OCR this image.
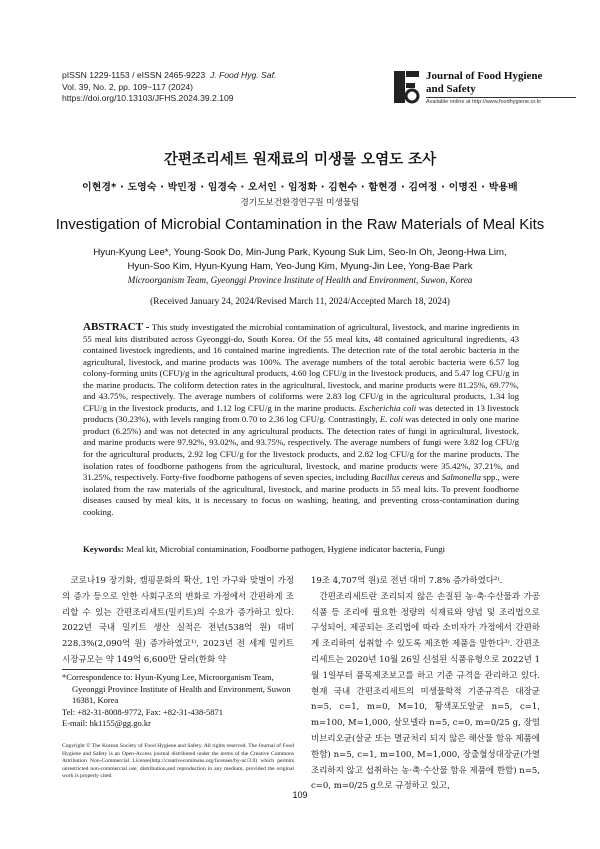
pISSN 1229-1153 / eISSN 2465-9223 J. Food Hyg. Saf.
Vol. 39, No. 2, pp. 109~117 (2024)
https://doi.org/10.13103/JFHS.2024.39.2.109
Journal of Food Hygiene
and Safety
Available online at http://www.foodhygiene.or.kr
간편조리세트 원재료의 미생물 오염도 조사
이현경* · 도영숙 · 박민정 · 임경숙 · 오서인 · 임정화 · 김현수 · 함현경 · 김여정 · 이명진 · 박용배
경기도보건환경연구원 미생물팀
Investigation of Microbial Contamination in the Raw Materials of Meal Kits
Hyun-Kyung Lee*, Young-Sook Do, Min-Jung Park, Kyoung Suk Lim, Seo-In Oh, Jeong-Hwa Lim,
Hyun-Soo Kim, Hyun-Kyung Ham, Yeo-Jung Kim, Myung-Jin Lee, Yong-Bae Park
Microorganism Team, Gyeonggi Province Institute of Health and Environment, Suwon, Korea
(Received January 24, 2024/Revised March 11, 2024/Accepted March 18, 2024)
ABSTRACT - This study investigated the microbial contamination of agricultural, livestock, and marine ingredients in 55 meal kits distributed across Gyeonggi-do, South Korea. Of the 55 meal kits, 48 contained agricultural ingredients, 43 contained livestock ingredients, and 16 contained marine ingredients. The detection rate of the total aerobic bacteria in the agricultural, livestock, and marine products was 100%. The average numbers of the total aerobic bacteria were 6.57 log colony-forming units (CFU)/g in the agricultural products, 4.60 log CFU/g in the livestock products, and 5.47 log CFU/g in the marine products. The coliform detection rates in the agricultural, livestock, and marine products were 81.25%, 69.77%, and 43.75%, respectively. The average numbers of coliforms were 2.83 log CFU/g in the agricultural products, 1.34 log CFU/g in the livestock products, and 1.12 log CFU/g in the marine products. Escherichia coli was detected in 13 livestock products (30.23%), with levels ranging from 0.70 to 2.36 log CFU/g. Contrastingly, E. coli was detected in only one marine product (6.25%) and was not detected in any agricultural products. The detection rates of fungi in agricultural, livestock, and marine products were 97.92%, 93.02%, and 93.75%, respectively. The average numbers of fungi were 3.82 log CFU/g for the agricultural products, 2.92 log CFU/g for the livestock products, and 2.82 log CFU/g for the marine products. The isolation rates of foodborne pathogens from the agricultural, livestock, and marine products were 35.42%, 37.21%, and 31.25%, respectively. Forty-five foodborne pathogens of seven species, including Bacillus cereus and Salmonella spp., were isolated from the raw materials of the agricultural, livestock, and marine products in 55 meal kits. To prevent foodborne diseases caused by meal kits, it is necessary to focus on washing, heating, and preventing cross-contamination during cooking.
Keywords: Meal kit, Microbial contamination, Foodborne pathogen, Hygiene indicator bacteria, Fungi

코로나19 장기화, 캠핑문화의 확산, 1인 가구와 맞벌이 가정의 증가 등으로 인한 사회구조의 변화로 가정에서 간편하게 조리할 수 있는 간편조리세트(밀키트)의 수요가 증가하고 있다. 2022년 국내 밀키트 생산 실적은 전년(538억 원) 대비 228.3%(2,090억 원) 증가하였고¹⁾, 2023년 전 세계 밀키트 시장규모는 약 149억 6,600만 달러(한화 약

19조 4,707억 원)로 전년 대비 7.8% 증가하였다²⁾.

간편조리세트란 조리되지 않은 손질된 농·축·수산물과 가공식품 등 조리에 필요한 정량의 식재료와 양념 및 조리법으로 구성되어, 제공되는 조리법에 따라 소비자가 가정에서 간편하게 조리하여 섭취할 수 있도록 제조한 제품을 말한다³⁾. 간편조리세트는 2020년 10월 26일 신설된 식품유형으로 2022년 1월 1일부터 품목제조보고를 하고 기준 규격을 관리하고 있다. 현재 국내 간편조리세트의 미생물학적 기준규격은 대장균 n=5, c=1, m=0, M=10, 황색포도알균 n=5, c=1, m=100, M=1,000, 살모넬라 n=5, c=0, m=0/25 g, 장염비브리오균(살균 또는 멸균처리 되지 않은 해산물 함유 제품에 한함) n=5, c=1, m=100, M=1,000, 장출혈성대장균(가열조리하지 않고 섭취하는 농·축·수산물 함유 제품에 한함) n=5, c=0, m=0/25 g으로 규정하고 있고,

*Correspondence to: Hyun-Kyung Lee, Microorganism Team,
Gyeonggi Province Institute of Health and Environment, Suwon
16381, Korea
Tel: +82-31-8008-9772, Fax: +82-31-438-5871
E-mail: hk1155@gg.go.kr
Copyright © The Korean Society of Food Hygiene and Safety. All rights reserved. The Journal of Food Hygiene and Safety is an Open-Access journal distributed under the terms of the Creative Commons Attribution Non-Commercial License(http://creativecommons.org/licenses/by-nc/3.0) which permits unrestricted non-commercial use, distribution,and reproduction in any medium, provided the original work is properly cited.
109
